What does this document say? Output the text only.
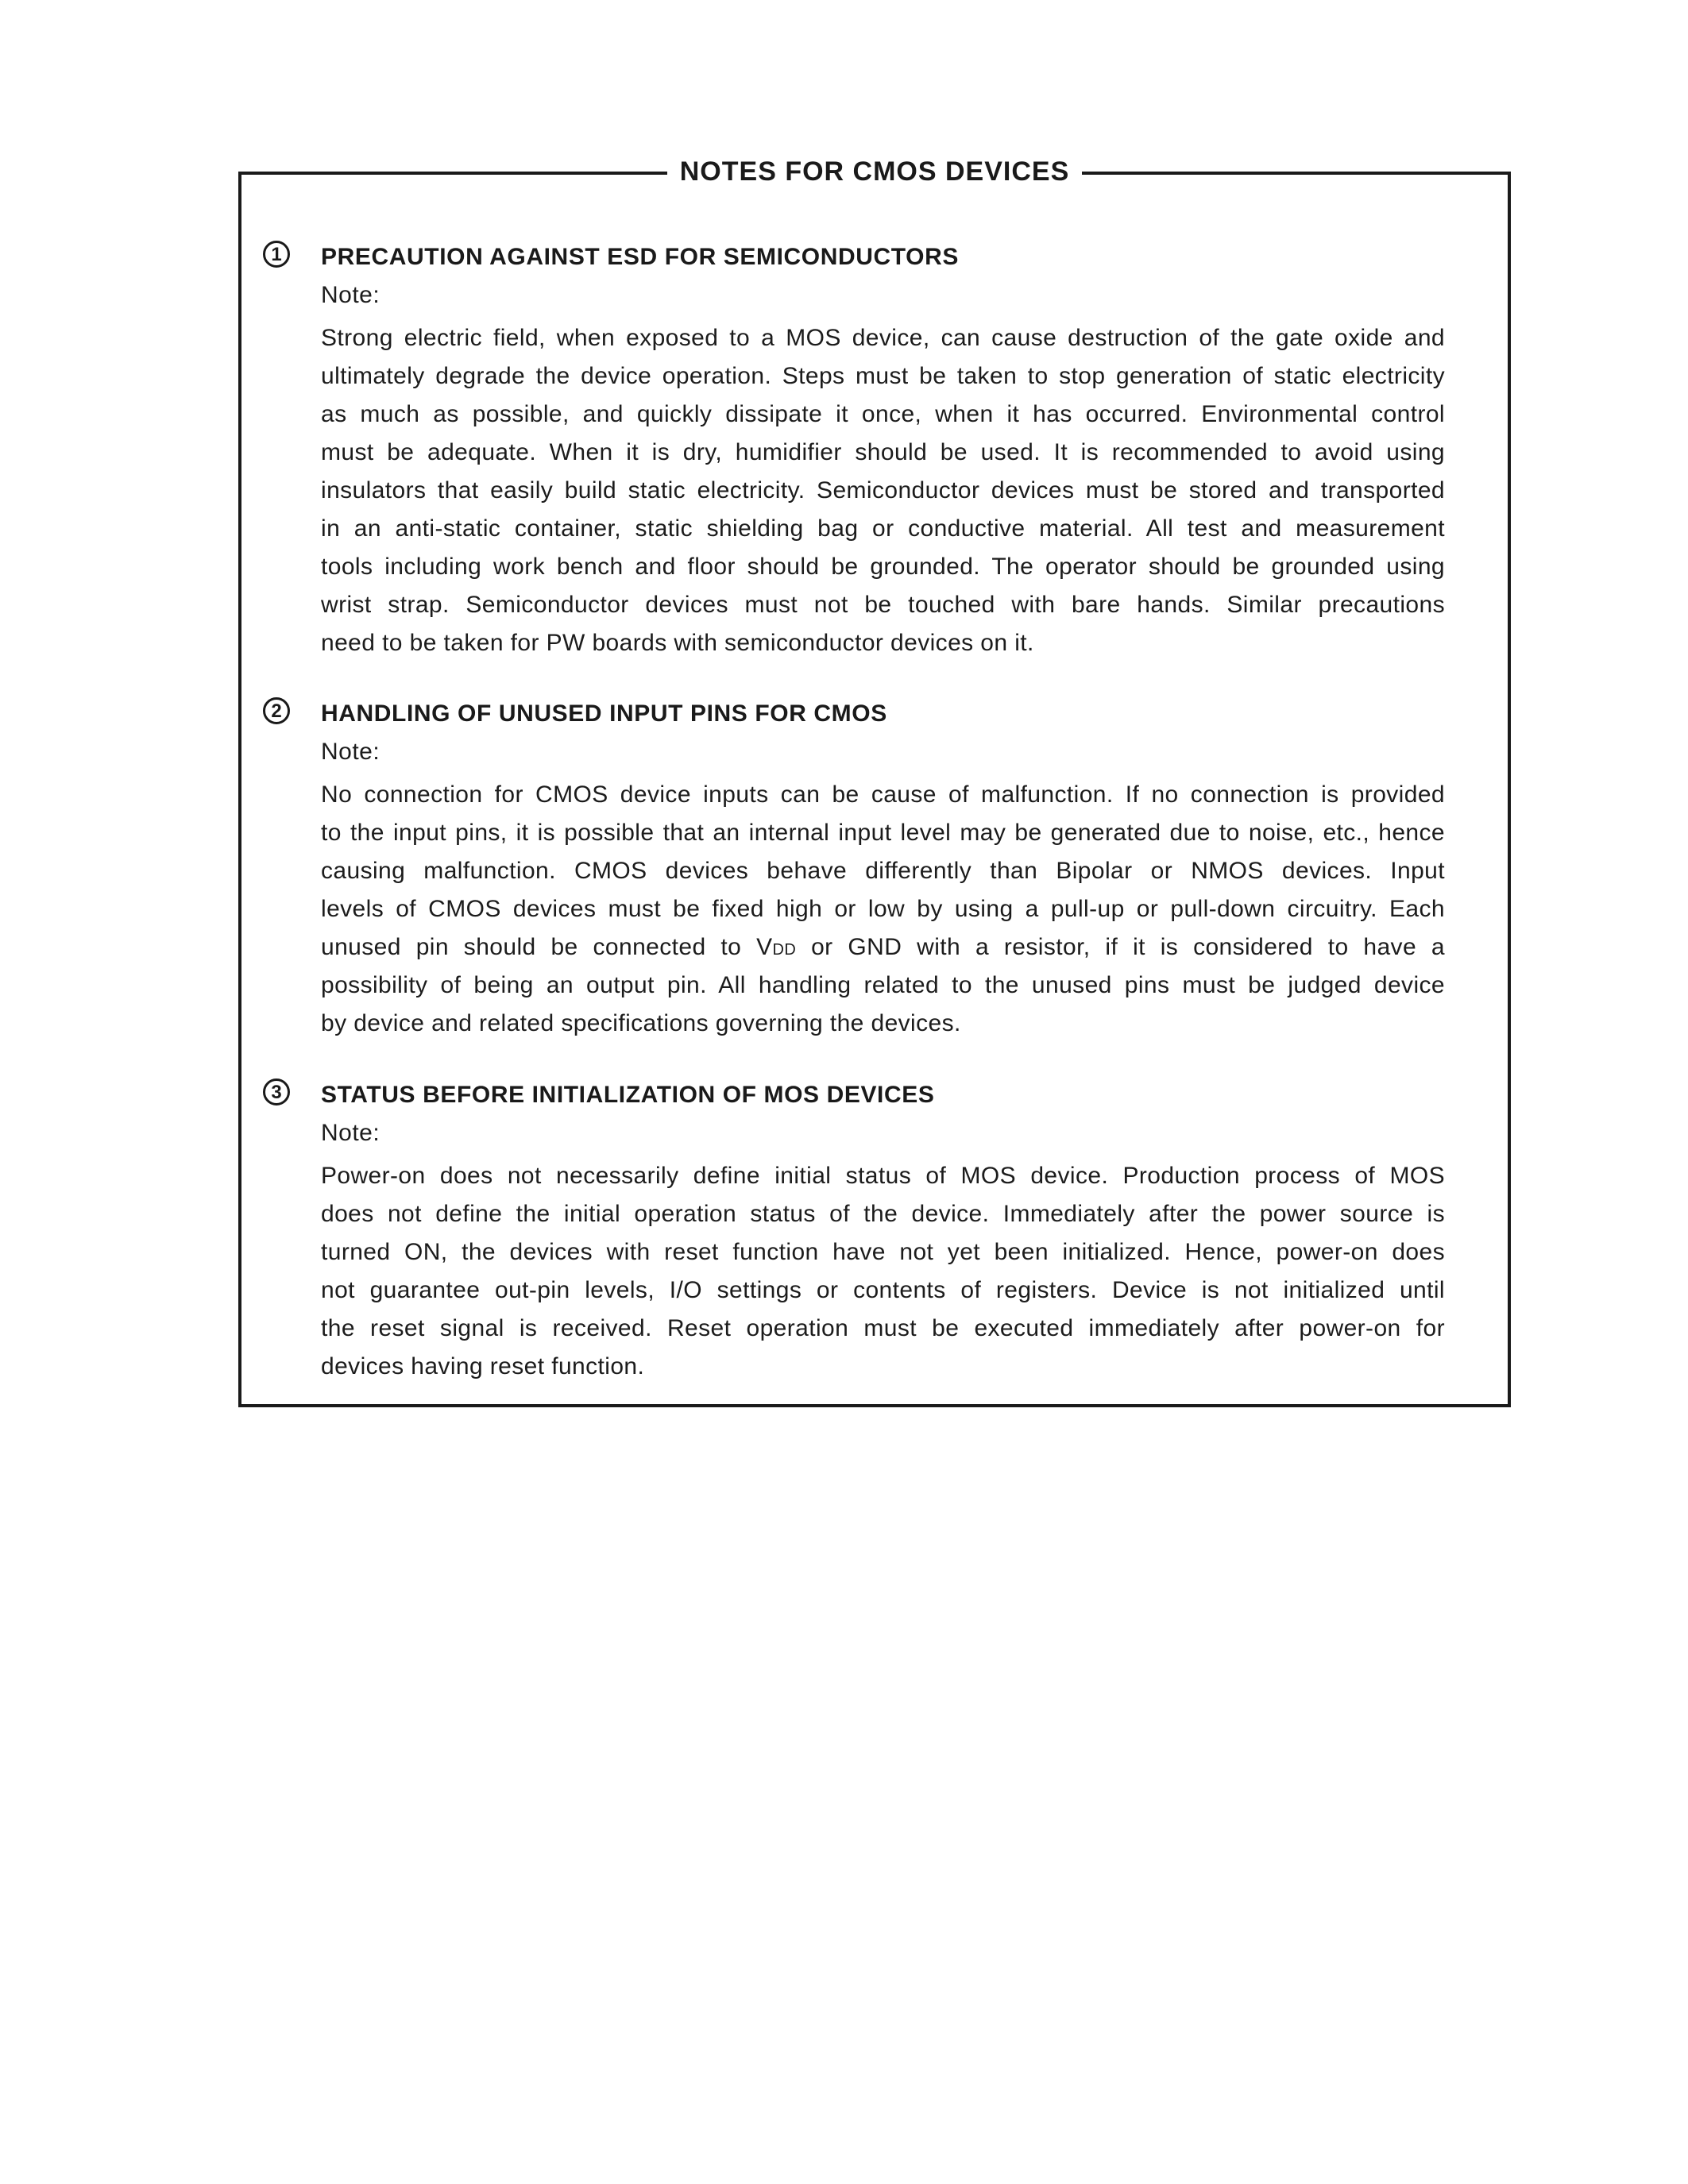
NOTES FOR CMOS DEVICES
1	PRECAUTION AGAINST ESD FOR SEMICONDUCTORS
Note:
Strong electric field, when exposed to a MOS device, can cause destruction of the gate oxide and
ultimately degrade the device operation. Steps must be taken to stop generation of static electricity
as much as possible, and quickly dissipate it once, when it has occurred. Environmental control
must be adequate. When it is dry, humidifier should be used. It is recommended to avoid using
insulators that easily build static electricity. Semiconductor devices must be stored and transported
in an anti-static container, static shielding bag or conductive material. All test and measurement
tools including work bench and floor should be grounded. The operator should be grounded using
wrist strap. Semiconductor devices must not be touched with bare hands. Similar precautions
need to be taken for PW boards with semiconductor devices on it.
2	HANDLING OF UNUSED INPUT PINS FOR CMOS
Note:
No connection for CMOS device inputs can be cause of malfunction. If no connection is provided
to the input pins, it is possible that an internal input level may be generated due to noise, etc., hence
causing malfunction. CMOS devices behave differently than Bipolar or NMOS devices. Input
levels of CMOS devices must be fixed high or low by using a pull-up or pull-down circuitry. Each
unused pin should be connected to VDD or GND with a resistor, if it is considered to have a
possibility of being an output pin. All handling related to the unused pins must be judged device
by device and related specifications governing the devices.
3	STATUS BEFORE INITIALIZATION OF MOS DEVICES
Note:
Power-on does not necessarily define initial status of MOS device. Production process of MOS
does not define the initial operation status of the device. Immediately after the power source is
turned ON, the devices with reset function have not yet been initialized. Hence, power-on does
not guarantee out-pin levels, I/O settings or contents of registers. Device is not initialized until
the reset signal is received. Reset operation must be executed immediately after power-on for
devices having reset function.
